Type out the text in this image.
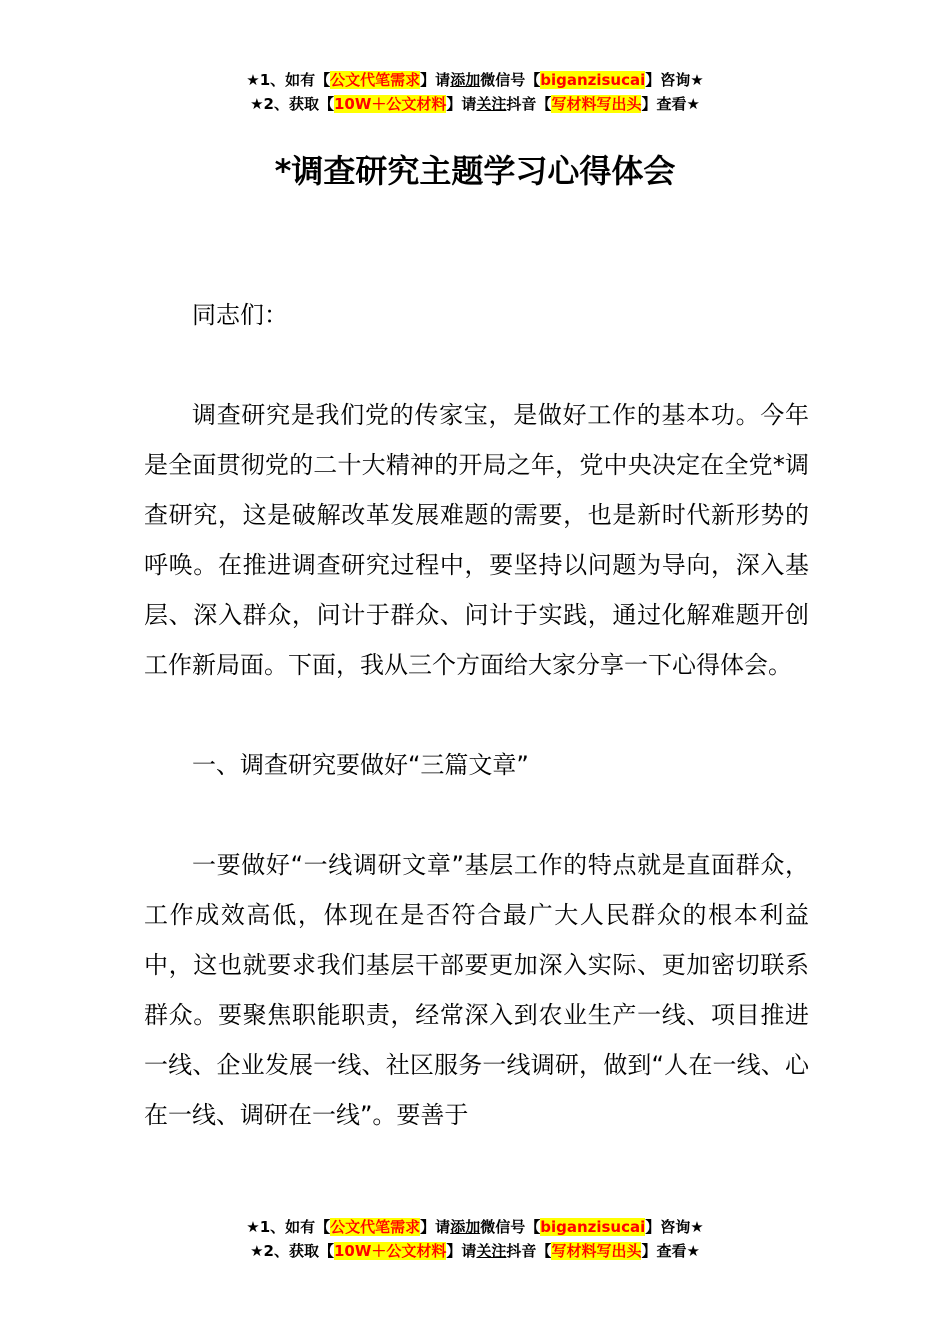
★1、如有【公文代笔需求】请添加微信号【biganzisucai】咨询★
★2、获取【10W＋公文材料】请关注抖音【写材料写出头】查看★
*调查研究主题学习心得体会

同志们：

调查研究是我们党的传家宝，是做好工作的基本功。今年是全面贯彻党的二十大精神的开局之年，党中央决定在全党*调查研究，这是破解改革发展难题的需要，也是新时代新形势的呼唤。在推进调查研究过程中，要坚持以问题为导向，深入基层、深入群众，问计于群众、问计于实践，通过化解难题开创工作新局面。下面，我从三个方面给大家分享一下心得体会。

一、调查研究要做好“三篇文章”

一要做好“一线调研文章”基层工作的特点就是直面群众，工作成效高低，体现在是否符合最广大人民群众的根本利益中，这也就要求我们基层干部要更加深入实际、更加密切联系群众。要聚焦职能职责，经常深入到农业生产一线、项目推进一线、企业发展一线、社区服务一线调研，做到“人在一线、心在一线、调研在一线”。要善于

★1、如有【公文代笔需求】请添加微信号【biganzisucai】咨询★
★2、获取【10W＋公文材料】请关注抖音【写材料写出头】查看★
